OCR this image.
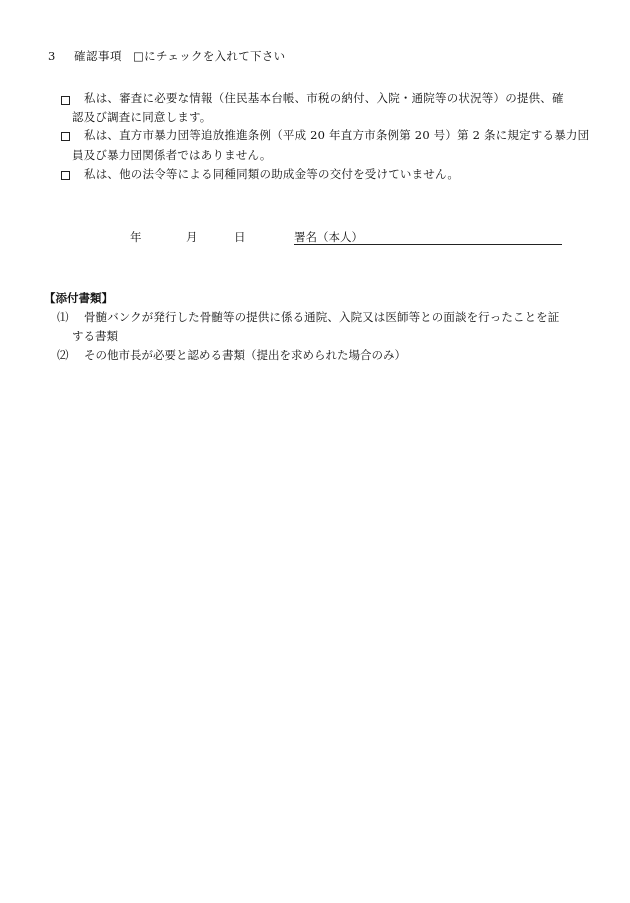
3 確認事項 □にチェックを入れて下さい
私は、審査に必要な情報（住民基本台帳、市税の納付、入院・通院等の状況等）の提供、確
認及び調査に同意します。
私は、直方市暴力団等追放推進条例（平成 20 年直方市条例第 20 号）第 2 条に規定する暴力団
員及び暴力団関係者ではありません。
私は、他の法令等による同種同類の助成金等の交付を受けていません。
年	月	日	署名（本人）
【添付書類】
⑴ 骨髄バンクが発行した骨髄等の提供に係る通院、入院又は医師等との面談を行ったことを証
する書類
⑵ その他市長が必要と認める書類（提出を求められた場合のみ）
